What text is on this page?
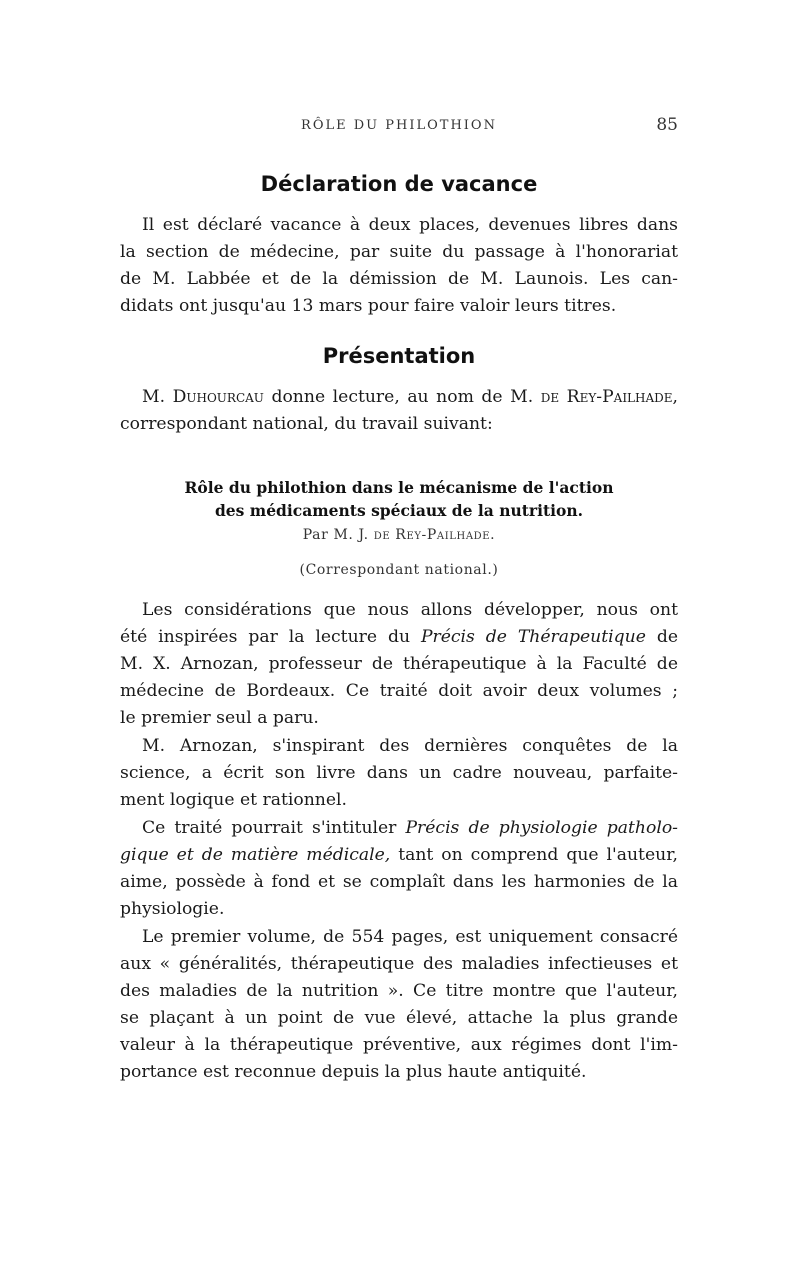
RÔLE DU PHILOTHION	85
Déclaration de vacance
Il est déclaré vacance à deux places, devenues libres dans
la section de médecine, par suite du passage à l'honorariat
de M. Labbée et de la démission de M. Launois. Les can-
didats ont jusqu'au 13 mars pour faire valoir leurs titres.
Présentation
M. Duhourcau donne lecture, au nom de M. de Rey-Pailhade,
correspondant national, du travail suivant:
Rôle du philothion dans le mécanisme de l'action
des médicaments spéciaux de la nutrition.
Par M. J. de Rey-Pailhade.
(Correspondant national.)
Les considérations que nous allons développer, nous ont
été inspirées par la lecture du Précis de Thérapeutique de
M. X. Arnozan, professeur de thérapeutique à la Faculté de
médecine de Bordeaux. Ce traité doit avoir deux volumes ;
le premier seul a paru.
M. Arnozan, s'inspirant des dernières conquêtes de la
science, a écrit son livre dans un cadre nouveau, parfaite-
ment logique et rationnel.
Ce traité pourrait s'intituler Précis de physiologie patholo-
gique et de matière médicale, tant on comprend que l'auteur,
aime, possède à fond et se complaît dans les harmonies de la
physiologie.
Le premier volume, de 554 pages, est uniquement consacré
aux « généralités, thérapeutique des maladies infectieuses et
des maladies de la nutrition ». Ce titre montre que l'auteur,
se plaçant à un point de vue élevé, attache la plus grande
valeur à la thérapeutique préventive, aux régimes dont l'im-
portance est reconnue depuis la plus haute antiquité.
